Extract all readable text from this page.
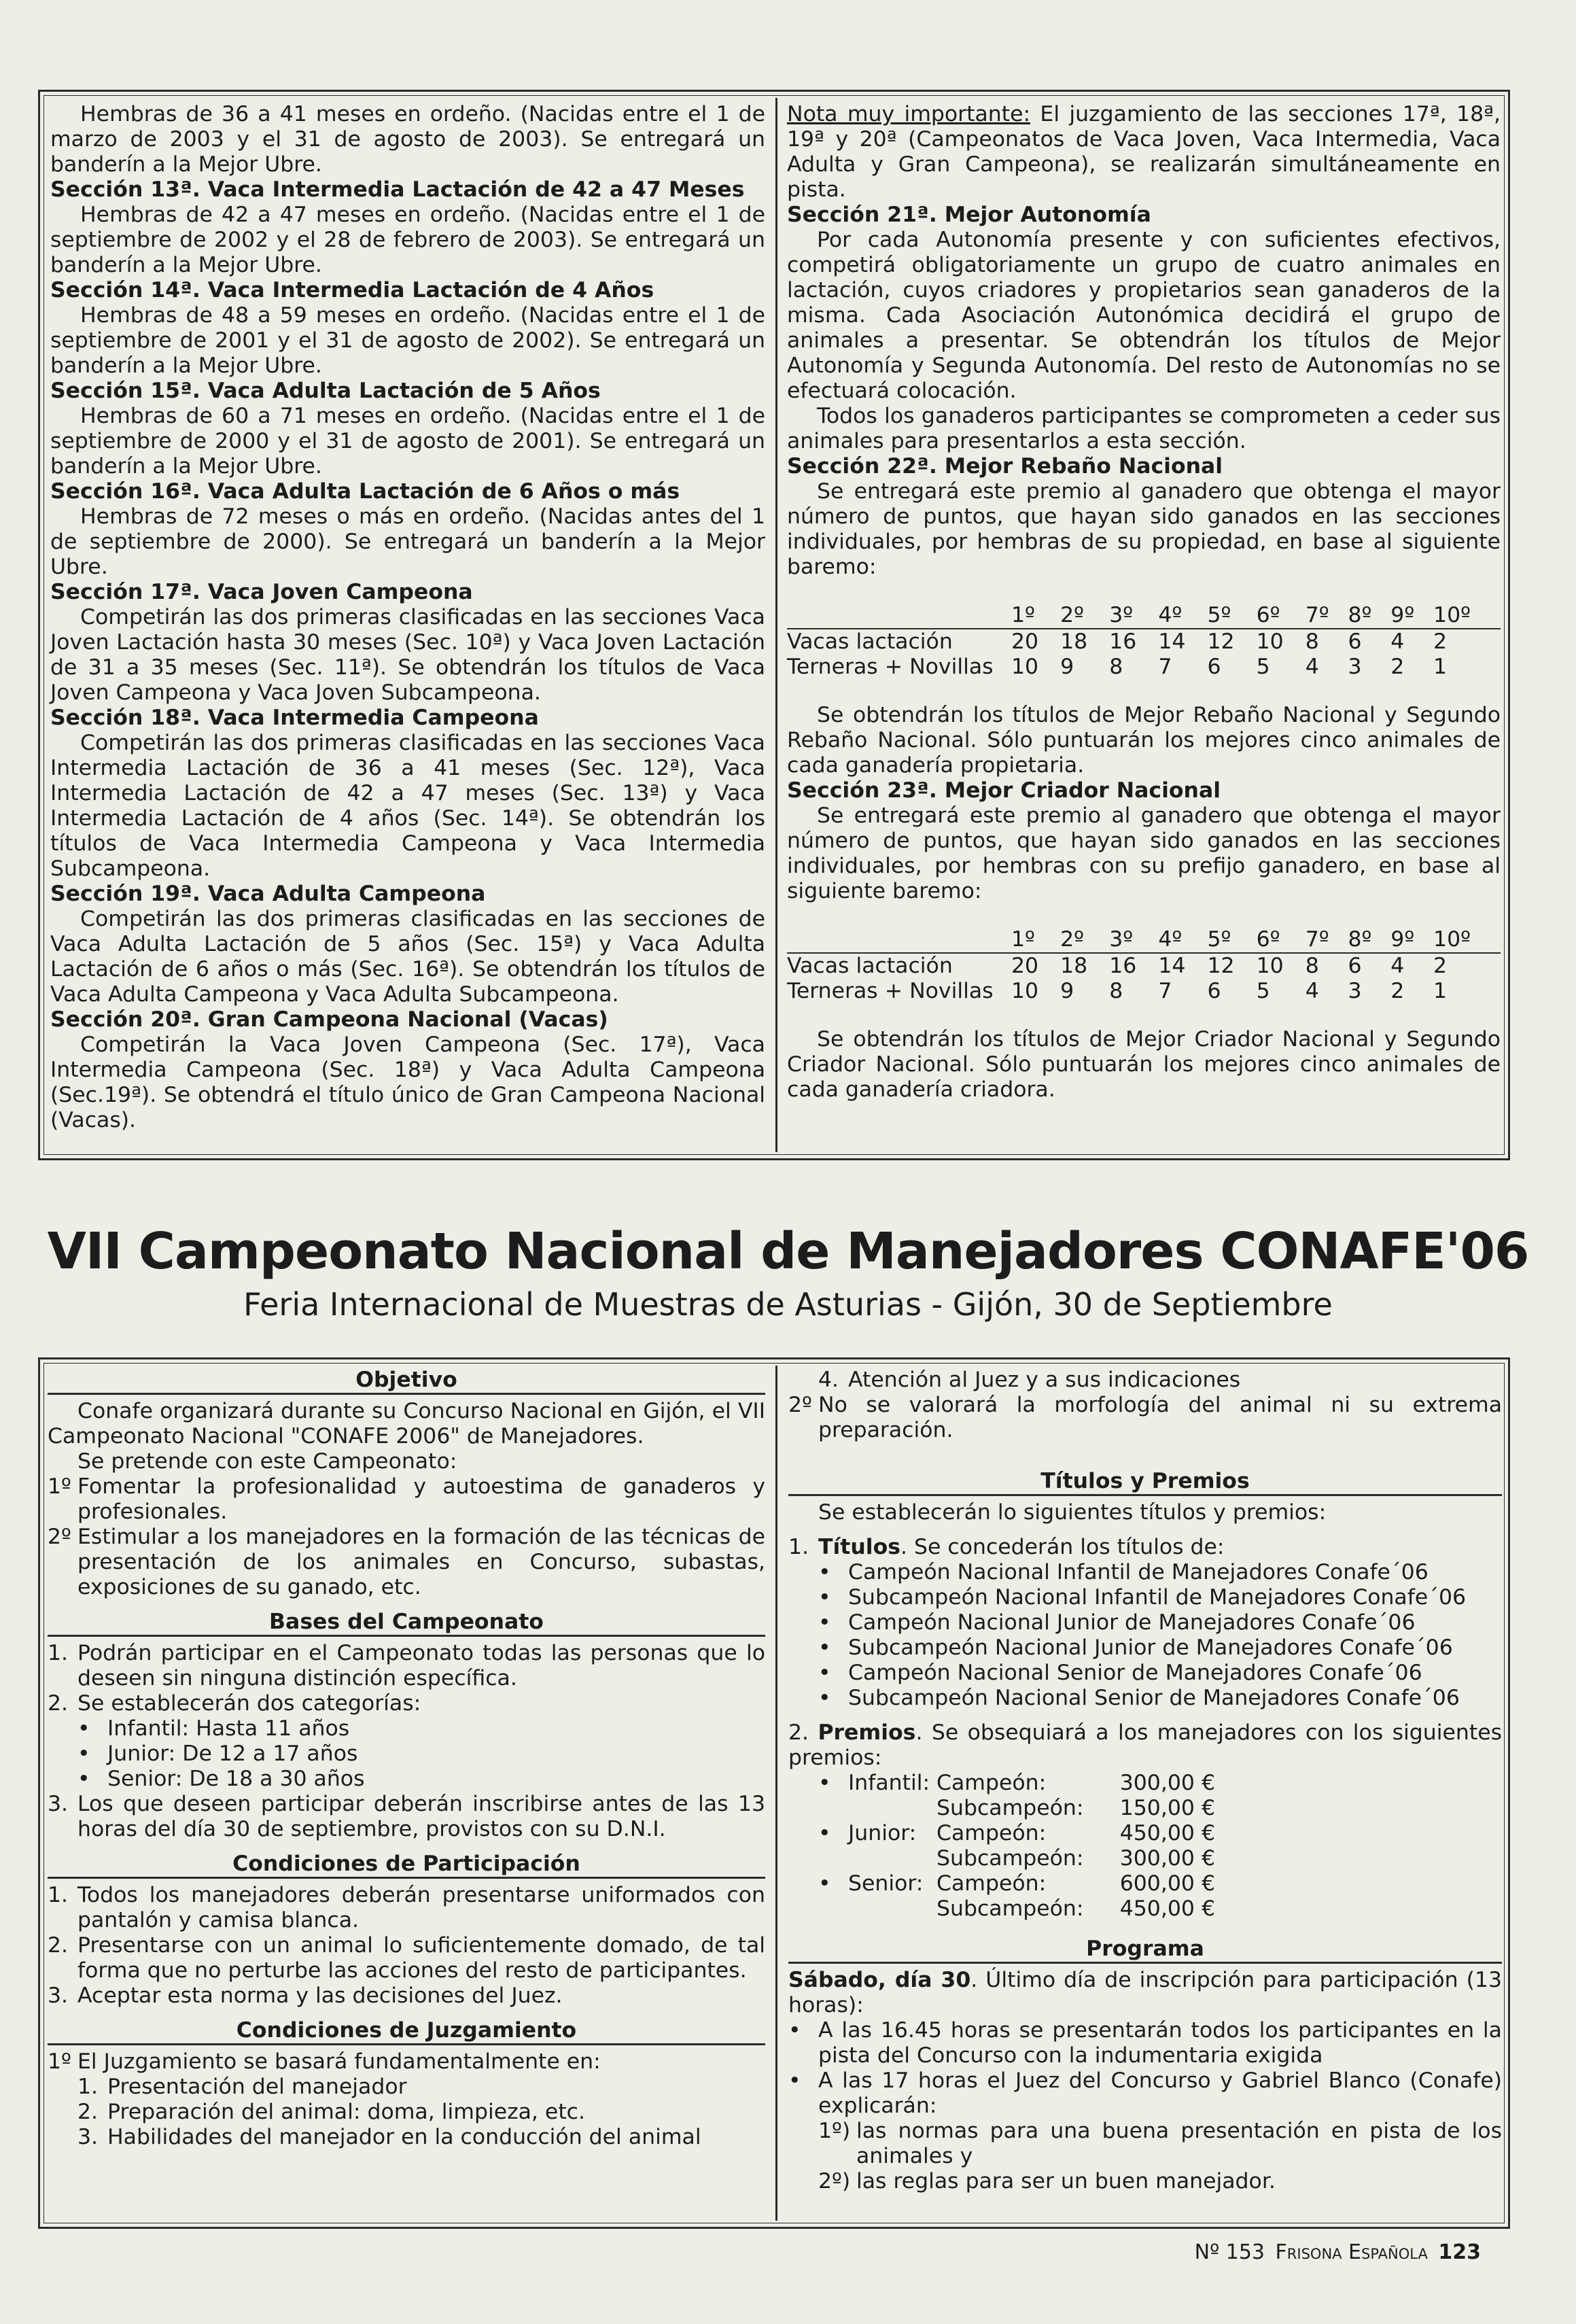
Hembras de 36 a 41 meses en ordeño. (Nacidas entre el 1 de marzo de 2003 y el 31 de agosto de 2003). Se entregará un banderín a la Mejor Ubre.

Sección 13ª. Vaca Intermedia Lactación de 42 a 47 Meses

Hembras de 42 a 47 meses en ordeño. (Nacidas entre el 1 de septiembre de 2002 y el 28 de febrero de 2003). Se entregará un banderín a la Mejor Ubre.

Sección 14ª. Vaca Intermedia Lactación de 4 Años

Hembras de 48 a 59 meses en ordeño. (Nacidas entre el 1 de septiembre de 2001 y el 31 de agosto de 2002). Se entregará un banderín a la Mejor Ubre.

Sección 15ª. Vaca Adulta Lactación de 5 Años

Hembras de 60 a 71 meses en ordeño. (Nacidas entre el 1 de septiembre de 2000 y el 31 de agosto de 2001). Se entregará un banderín a la Mejor Ubre.

Sección 16ª. Vaca Adulta Lactación de 6 Años o más

Hembras de 72 meses o más en ordeño. (Nacidas antes del 1 de septiembre de 2000). Se entregará un banderín a la Mejor Ubre.

Sección 17ª. Vaca Joven Campeona

Competirán las dos primeras clasificadas en las secciones Vaca Joven Lactación hasta 30 meses (Sec. 10ª) y Vaca Joven Lactación de 31 a 35 meses (Sec. 11ª). Se obtendrán los títulos de Vaca Joven Campeona y Vaca Joven Subcampeona.

Sección 18ª. Vaca Intermedia Campeona

Competirán las dos primeras clasificadas en las secciones Vaca Intermedia Lactación de 36 a 41 meses (Sec. 12ª), Vaca Intermedia Lactación de 42 a 47 meses (Sec. 13ª) y Vaca Intermedia Lactación de 4 años (Sec. 14ª). Se obtendrán los títulos de Vaca Intermedia Campeona y Vaca Intermedia Subcampeona.

Sección 19ª. Vaca Adulta Campeona

Competirán las dos primeras clasificadas en las secciones de Vaca Adulta Lactación de 5 años (Sec. 15ª) y Vaca Adulta Lactación de 6 años o más (Sec. 16ª). Se obtendrán los títulos de Vaca Adulta Campeona y Vaca Adulta Subcampeona.

Sección 20ª. Gran Campeona Nacional (Vacas)

Competirán la Vaca Joven Campeona (Sec. 17ª), Vaca Intermedia Campeona (Sec. 18ª) y Vaca Adulta Campeona (Sec.19ª). Se obtendrá el título único de Gran Campeona Nacional (Vacas).

Nota muy importante: El juzgamiento de las secciones 17ª, 18ª, 19ª y 20ª (Campeonatos de Vaca Joven, Vaca Intermedia, Vaca Adulta y Gran Campeona), se realizarán simultáneamente en pista.

Sección 21ª. Mejor Autonomía

Por cada Autonomía presente y con suficientes efectivos, competirá obligatoriamente un grupo de cuatro animales en lactación, cuyos criadores y propietarios sean ganaderos de la misma. Cada Asociación Autonómica decidirá el grupo de animales a presentar. Se obtendrán los títulos de Mejor Autonomía y Segunda Autonomía. Del resto de Autonomías no se efectuará colocación.

Todos los ganaderos participantes se comprometen a ceder sus animales para presentarlos a esta sección.

Sección 22ª. Mejor Rebaño Nacional

Se entregará este premio al ganadero que obtenga el mayor número de puntos, que hayan sido ganados en las secciones individuales, por hembras de su propiedad, en base al siguiente baremo:

	1º	2º	3º	4º	5º	6º	7º	8º	9º	10º
Vacas lactación	20	18	16	14	12	10	8	6	4	2
Terneras + Novillas	10	9	8	7	6	5	4	3	2	1

Se obtendrán los títulos de Mejor Rebaño Nacional y Segundo Rebaño Nacional. Sólo puntuarán los mejores cinco animales de cada ganadería propietaria.

Sección 23ª. Mejor Criador Nacional

Se entregará este premio al ganadero que obtenga el mayor número de puntos, que hayan sido ganados en las secciones individuales, por hembras con su prefijo ganadero, en base al siguiente baremo:

	1º	2º	3º	4º	5º	6º	7º	8º	9º	10º
Vacas lactación	20	18	16	14	12	10	8	6	4	2
Terneras + Novillas	10	9	8	7	6	5	4	3	2	1

Se obtendrán los títulos de Mejor Criador Nacional y Segundo Criador Nacional. Sólo puntuarán los mejores cinco animales de cada ganadería criadora.

VII Campeonato Nacional de Manejadores CONAFE'06
Feria Internacional de Muestras de Asturias - Gijón, 30 de Septiembre
Objetivo

Conafe organizará durante su Concurso Nacional en Gijón, el VII Campeonato Nacional "CONAFE 2006" de Manejadores.

Se pretende con este Campeonato:

1º Fomentar la profesionalidad y autoestima de ganaderos y profesionales.
2º Estimular a los manejadores en la formación de las técnicas de presentación de los animales en Concurso, subastas, exposiciones de su ganado, etc.
Bases del Campeonato
1. Podrán participar en el Campeonato todas las personas que lo deseen sin ninguna distinción específica.
2. Se establecerán dos categorías:
• Infantil: Hasta 11 años
• Junior: De 12 a 17 años
• Senior: De 18 a 30 años
3. Los que deseen participar deberán inscribirse antes de las 13 horas del día 30 de septiembre, provistos con su D.N.I.
Condiciones de Participación
1. Todos los manejadores deberán presentarse uniformados con pantalón y camisa blanca.
2. Presentarse con un animal lo suficientemente domado, de tal forma que no perturbe las acciones del resto de participantes.
3. Aceptar esta norma y las decisiones del Juez.
Condiciones de Juzgamiento
1º El Juzgamiento se basará fundamentalmente en:
1. Presentación del manejador
2. Preparación del animal: doma, limpieza, etc.
3. Habilidades del manejador en la conducción del animal
4. Atención al Juez y a sus indicaciones
2º No se valorará la morfología del animal ni su extrema preparación.
Títulos y Premios

Se establecerán lo siguientes títulos y premios:

1. Títulos. Se concederán los títulos de:
• Campeón Nacional Infantil de Manejadores Conafe´06
• Subcampeón Nacional Infantil de Manejadores Conafe´06
• Campeón Nacional Junior de Manejadores Conafe´06
• Subcampeón Nacional Junior de Manejadores Conafe´06
• Campeón Nacional Senior de Manejadores Conafe´06
• Subcampeón Nacional Senior de Manejadores Conafe´06

2. Premios. Se obsequiará a los manejadores con los siguientes premios:

• Infantil: Campeón:	300,00 €
Subcampeón:	150,00 €
• Junior: Campeón:	450,00 €
Subcampeón:	300,00 €
• Senior: Campeón:	600,00 €
Subcampeón:	450,00 €
Programa

Sábado, día 30. Último día de inscripción para participación (13 horas):

• A las 16.45 horas se presentarán todos los participantes en la pista del Concurso con la indumentaria exigida
• A las 17 horas el Juez del Concurso y Gabriel Blanco (Conafe) explicarán:
1º) las normas para una buena presentación en pista de los animales y
2º) las reglas para ser un buen manejador.
Nº 153 Frisona Española 123
